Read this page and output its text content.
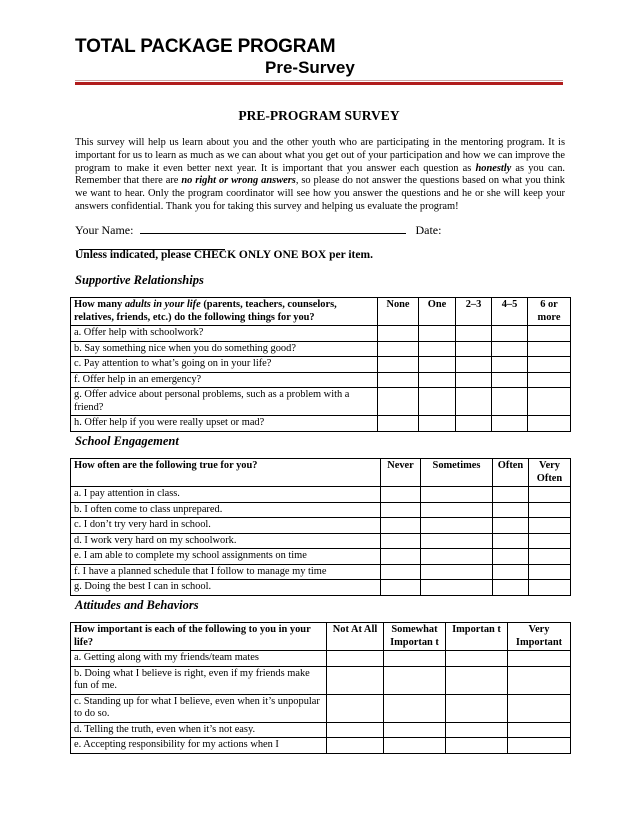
TOTAL PACKAGE PROGRAM
Pre-Survey
PRE-PROGRAM SURVEY
This survey will help us learn about you and the other youth who are participating in the mentoring program. It is important for us to learn as much as we can about what you get out of your participation and how we can improve the program to make it even better next year. It is important that you answer each question as honestly as you can. Remember that there are no right or wrong answers, so please do not answer the questions based on what you think we want to hear. Only the program coordinator will see how you answer the questions and he or she will keep your answers confidential. Thank you for taking this survey and helping us evaluate the program!
Your Name:	Date:
Unless indicated, please CHECK ONLY ONE BOX per item.
Supportive Relationships
How many adults in your life (parents, teachers, counselors, relatives, friends, etc.) do the following things for you?	None	One	2–3	4–5	6 or more
a. Offer help with schoolwork?					
b. Say something nice when you do something good?					
c. Pay attention to what’s going on in your life?					
f. Offer help in an emergency?					
g. Offer advice about personal problems, such as a problem with a friend?					
h. Offer help if you were really upset or mad?					
School Engagement
How often are the following true for you?	Never	Sometimes	Often	Very Often
a. I pay attention in class.				
b. I often come to class unprepared.				
c. I don’t try very hard in school.				
d. I work very hard on my schoolwork.				
e. I am able to complete my school assignments on time				
f. I have a planned schedule that I follow to manage my time				
g. Doing the best I can in school.				
Attitudes and Behaviors
How important is each of the following to you in your life?	Not At All	Somewhat Importan t	Importan t	Very Important
a. Getting along with my friends/team mates				
b. Doing what I believe is right, even if my friends make fun of me.				
c. Standing up for what I believe, even when it’s unpopular to do so.				
d. Telling the truth, even when it’s not easy.				
e. Accepting responsibility for my actions when I				
